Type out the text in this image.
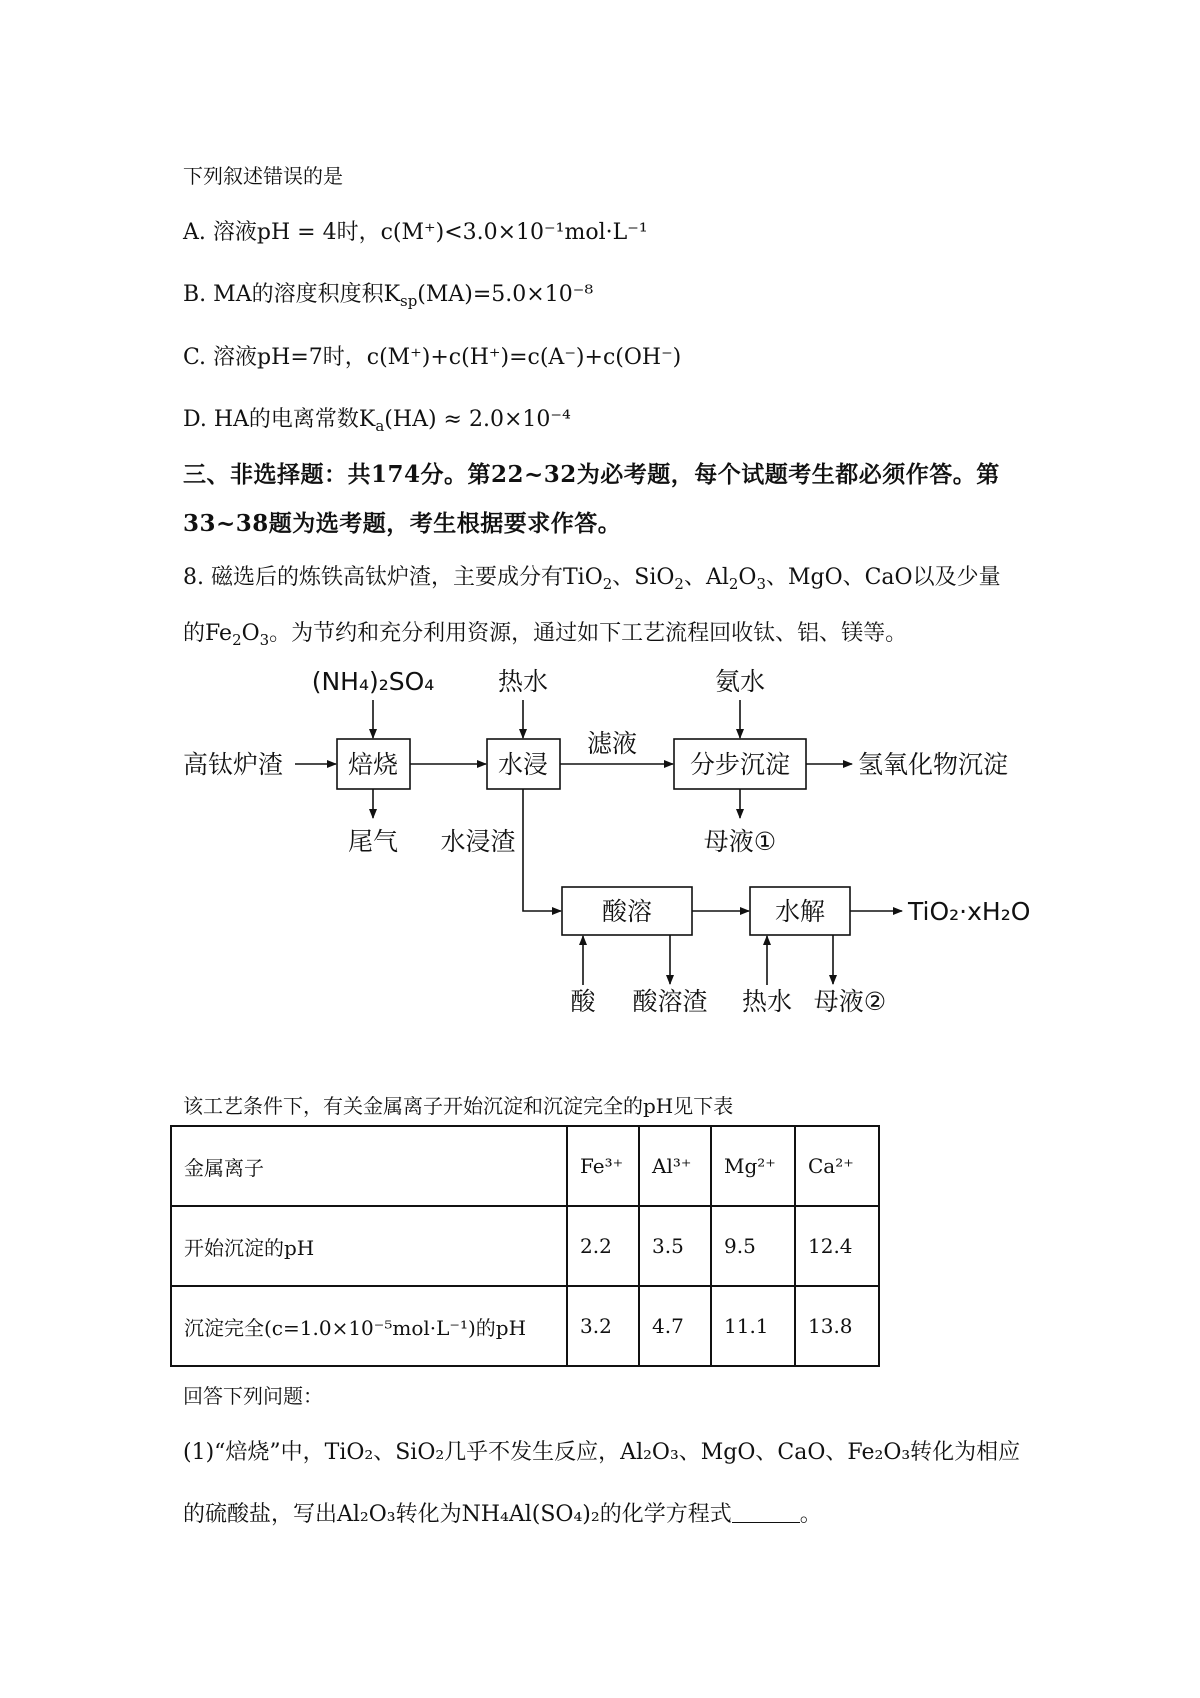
下列叙述错误的是
A. 溶液pH = 4时，c(M⁺)<3.0×10⁻¹mol·L⁻¹
B. MA的溶度积度积$K_{sp}(MA)=5.0\times 10^{-8}$
C. 溶液pH=7时，c(M⁺)+c(H⁺)=c(A⁻)+c(OH⁻)
D. HA的电离常数$K_a(HA) \approx 2.0\times 10^{-4}$
三、非选择题：共174分。第22~32为必考题，每个试题考生都必须作答。第
33~38题为选考题，考生根据要求作答。
8. 磁选后的炼铁高钛炉渣，主要成分有TiO$_2$、SiO$_2$、$Al_2O_3$、MgO、CaO以及少量
的$Fe_2O_3$。为节约和充分利用资源，通过如下工艺流程回收钛、铝、镁等。
(NH₄)₂SO₄	热水	氨水
高钛炉渣	焙烧	水浸
滤液
分步沉淀	氢氧化物沉淀
尾气 水浸渣	母液①
酸溶	水解	TiO₂·xH₂O
酸 酸溶渣 热水 母液②
该工艺条件下，有关金属离子开始沉淀和沉淀完全的pH见下表
金属离子	Fe³⁺	Al³⁺	Mg²⁺	Ca²⁺
开始沉淀的pH	2.2	3.5	9.5	12.4
沉淀完全(c=1.0×10⁻⁵mol·L⁻¹)的pH	3.2	4.7	11.1	13.8
回答下列问题：
(1)“焙烧”中，TiO₂、SiO₂几乎不发生反应，Al₂O₃、MgO、CaO、Fe₂O₃转化为相应
的硫酸盐，写出Al₂O₃转化为NH₄Al(SO₄)₂的化学方程式	。
